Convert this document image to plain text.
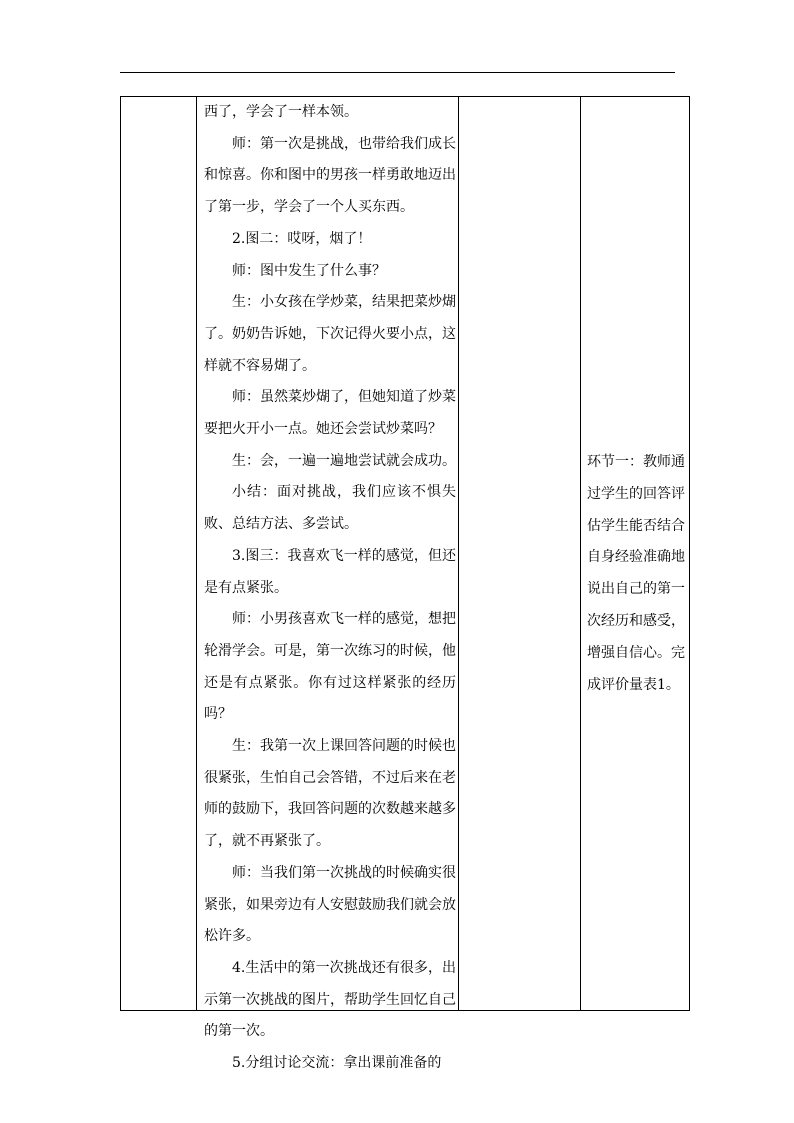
西了，学会了一样本领。

师：第一次是挑战，也带给我们成长和惊喜。你和图中的男孩一样勇敢地迈出了第一步，学会了一个人买东西。

2.图二：哎呀，烟了！

师：图中发生了什么事？

生：小女孩在学炒菜，结果把菜炒煳了。奶奶告诉她，下次记得火要小点，这样就不容易煳了。

师：虽然菜炒煳了，但她知道了炒菜要把火开小一点。她还会尝试炒菜吗？

生：会，一遍一遍地尝试就会成功。

小结：面对挑战，我们应该不惧失败、总结方法、多尝试。

3.图三：我喜欢飞一样的感觉，但还是有点紧张。

师：小男孩喜欢飞一样的感觉，想把轮滑学会。可是，第一次练习的时候，他还是有点紧张。你有过这样紧张的经历吗？

生：我第一次上课回答问题的时候也很紧张，生怕自己会答错，不过后来在老师的鼓励下，我回答问题的次数越来越多了，就不再紧张了。

师：当我们第一次挑战的时候确实很紧张，如果旁边有人安慰鼓励我们就会放松许多。

4.生活中的第一次挑战还有很多，出示第一次挑战的图片，帮助学生回忆自己的第一次。

5.分组讨论交流：拿出课前准备的

环节一：教师通过学生的回答评估学生能否结合自身经验准确地说出自己的第一次经历和感受，增强自信心。完成评价量表1。
